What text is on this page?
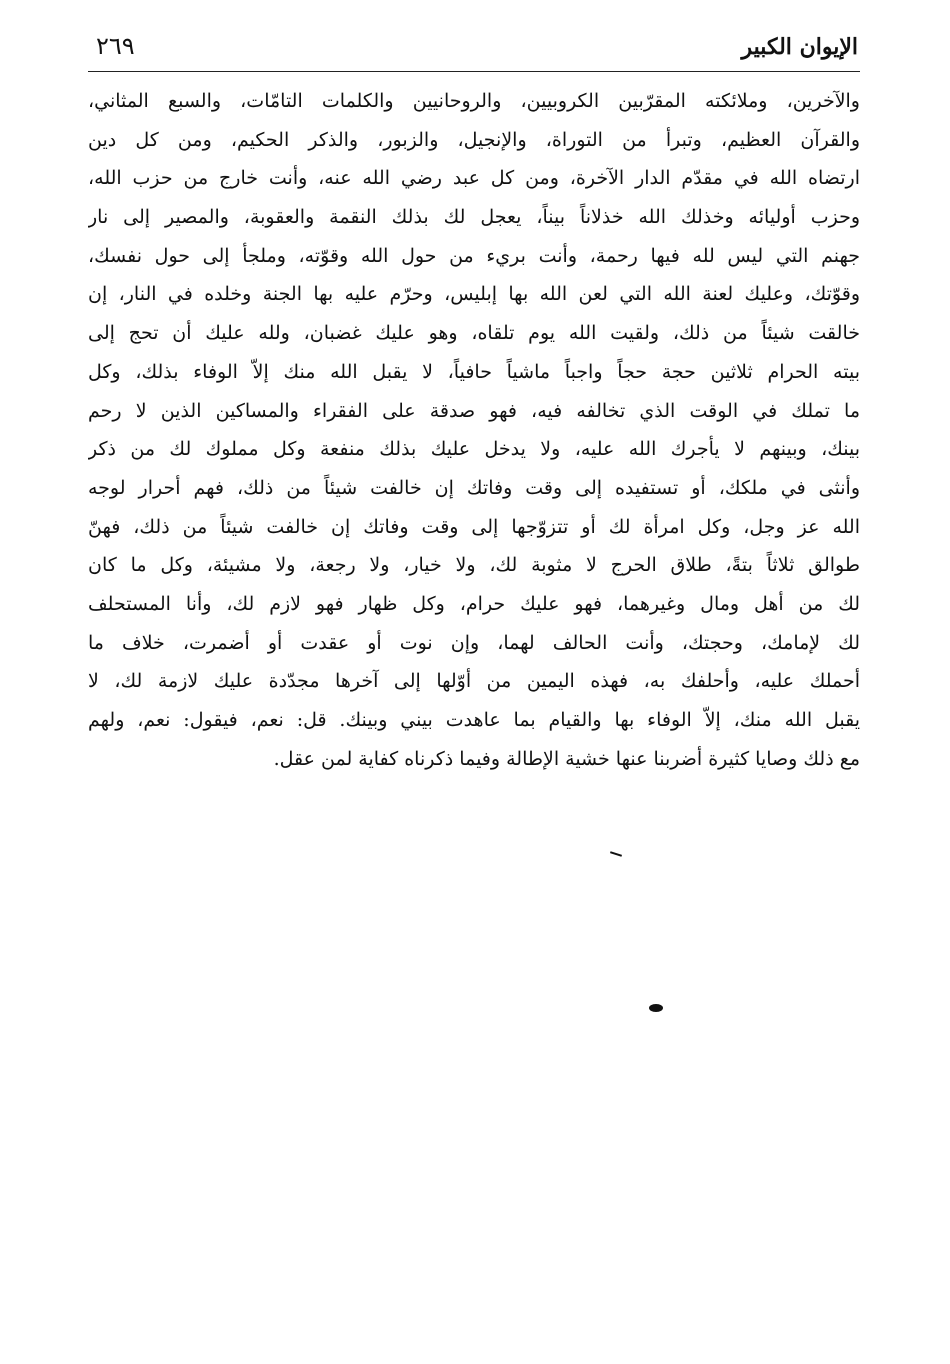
الإيوان الكبير
٢٦٩
والآخرين، وملائكته المقرّبين الكروبيين، والروحانيين والكلمات التامّات، والسبع المثاني،
والقرآن العظيم، وتبرأ من التوراة، والإنجيل، والزبور، والذكر الحكيم، ومن كل دين
ارتضاه الله في مقدّم الدار الآخرة، ومن كل عبد رضي الله عنه، وأنت خارج من حزب الله،
وحزب أوليائه وخذلك الله خذلاناً بيناً، يعجل لك بذلك النقمة والعقوبة، والمصير إلى نار
جهنم التي ليس لله فيها رحمة، وأنت بريء من حول الله وقوّته، وملجأ إلى حول نفسك،
وقوّتك، وعليك لعنة الله التي لعن الله بها إبليس، وحرّم عليه بها الجنة وخلده في النار، إن
خالقت شيئاً من ذلك، ولقيت الله يوم تلقاه، وهو عليك غضبان، ولله عليك أن تحج إلى
بيته الحرام ثلاثين حجة حجاً واجباً ماشياً حافياً، لا يقبل الله منك إلاّ الوفاء بذلك، وكل
ما تملك في الوقت الذي تخالفه فيه، فهو صدقة على الفقراء والمساكين الذين لا رحم
بينك، وبينهم لا يأجرك الله عليه، ولا يدخل عليك بذلك منفعة وكل مملوك لك من ذكر
وأنثى في ملكك، أو تستفيده إلى وقت وفاتك إن خالفت شيئاً من ذلك، فهم أحرار لوجه
الله عز وجل، وكل امرأة لك أو تتزوّجها إلى وقت وفاتك إن خالفت شيئاً من ذلك، فهنّ
طوالق ثلاثاً بتةً، طلاق الحرج لا مثوبة لك، ولا خيار، ولا رجعة، ولا مشيئة، وكل ما كان
لك من أهل ومال وغيرهما، فهو عليك حرام، وكل ظهار فهو لازم لك، وأنا المستحلف
لك لإمامك، وحجتك، وأنت الحالف لهما، وإن نوت أو عقدت أو أضمرت، خلاف ما
أحملك عليه، وأحلفك به، فهذه اليمين من أوّلها إلى آخرها مجدّدة عليك لازمة لك، لا
يقبل الله منك، إلاّ الوفاء بها والقيام بما عاهدت بيني وبينك. قل: نعم، فيقول: نعم، ولهم
مع ذلك وصايا كثيرة أضربنا عنها خشية الإطالة وفيما ذكرناه كفاية لمن عقل.
